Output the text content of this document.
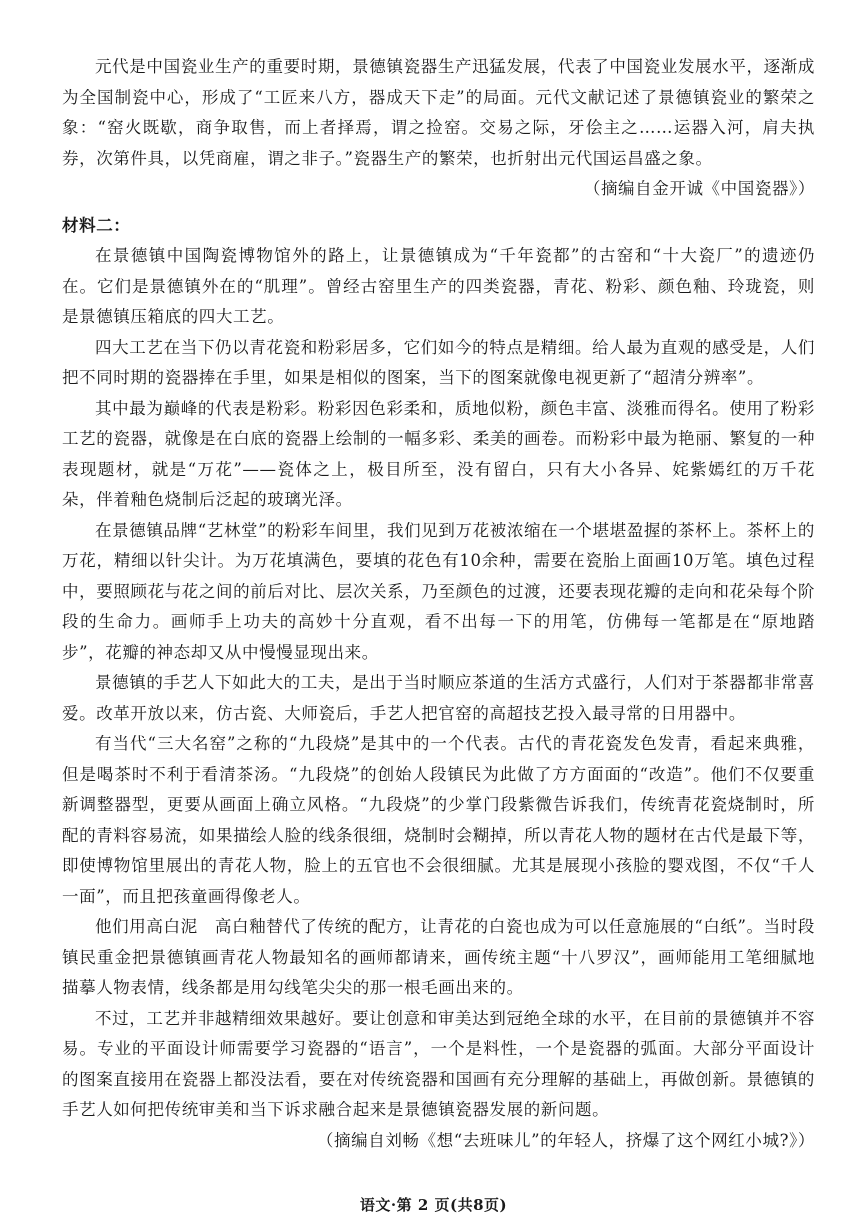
元代是中国瓷业生产的重要时期，景德镇瓷器生产迅猛发展，代表了中国瓷业发展水平，逐渐成为全国制瓷中心，形成了“工匠来八方，器成天下走”的局面。元代文献记述了景德镇瓷业的繁荣之象：“窑火既歇，商争取售，而上者择焉，谓之捡窑。交易之际，牙侩主之……运器入河，肩夫执券，次第件具，以凭商雇，谓之非子。”瓷器生产的繁荣，也折射出元代国运昌盛之象。

（摘编自金开诚《中国瓷器》）

材料二：

在景德镇中国陶瓷博物馆外的路上，让景德镇成为“千年瓷都”的古窑和“十大瓷厂”的遗迹仍在。它们是景德镇外在的“肌理”。曾经古窑里生产的四类瓷器，青花、粉彩、颜色釉、玲珑瓷，则是景德镇压箱底的四大工艺。

四大工艺在当下仍以青花瓷和粉彩居多，它们如今的特点是精细。给人最为直观的感受是，人们把不同时期的瓷器捧在手里，如果是相似的图案，当下的图案就像电视更新了“超清分辨率”。

其中最为巅峰的代表是粉彩。粉彩因色彩柔和，质地似粉，颜色丰富、淡雅而得名。使用了粉彩工艺的瓷器，就像是在白底的瓷器上绘制的一幅多彩、柔美的画卷。而粉彩中最为艳丽、繁复的一种表现题材，就是“万花”——瓷体之上，极目所至，没有留白，只有大小各异、姹紫嫣红的万千花朵，伴着釉色烧制后泛起的玻璃光泽。

在景德镇品牌“艺林堂”的粉彩车间里，我们见到万花被浓缩在一个堪堪盈握的茶杯上。茶杯上的万花，精细以针尖计。为万花填满色，要填的花色有10余种，需要在瓷胎上面画10万笔。填色过程中，要照顾花与花之间的前后对比、层次关系，乃至颜色的过渡，还要表现花瓣的走向和花朵每个阶段的生命力。画师手上功夫的高妙十分直观，看不出每一下的用笔，仿佛每一笔都是在“原地踏步”，花瓣的神态却又从中慢慢显现出来。

景德镇的手艺人下如此大的工夫，是出于当时顺应茶道的生活方式盛行，人们对于茶器都非常喜爱。改革开放以来，仿古瓷、大师瓷后，手艺人把官窑的高超技艺投入最寻常的日用器中。

有当代“三大名窑”之称的“九段烧”是其中的一个代表。古代的青花瓷发色发青，看起来典雅，但是喝茶时不利于看清茶汤。“九段烧”的创始人段镇民为此做了方方面面的“改造”。他们不仅要重新调整器型，更要从画面上确立风格。“九段烧”的少掌门段紫微告诉我们，传统青花瓷烧制时，所配的青料容易流，如果描绘人脸的线条很细，烧制时会糊掉，所以青花人物的题材在古代是最下等，即使博物馆里展出的青花人物，脸上的五官也不会很细腻。尤其是展现小孩脸的婴戏图，不仅“千人一面”，而且把孩童画得像老人。

他们用高白泥　高白釉替代了传统的配方，让青花的白瓷也成为可以任意施展的“白纸”。当时段镇民重金把景德镇画青花人物最知名的画师都请来，画传统主题“十八罗汉”，画师能用工笔细腻地描摹人物表情，线条都是用勾线笔尖尖的那一根毛画出来的。

不过，工艺并非越精细效果越好。要让创意和审美达到冠绝全球的水平，在目前的景德镇并不容易。专业的平面设计师需要学习瓷器的“语言”，一个是料性，一个是瓷器的弧面。大部分平面设计的图案直接用在瓷器上都没法看，要在对传统瓷器和国画有充分理解的基础上，再做创新。景德镇的手艺人如何把传统审美和当下诉求融合起来是景德镇瓷器发展的新问题。

（摘编自刘畅《想“去班味儿”的年轻人，挤爆了这个网红小城?》）

语文·第 2 页(共8页)
